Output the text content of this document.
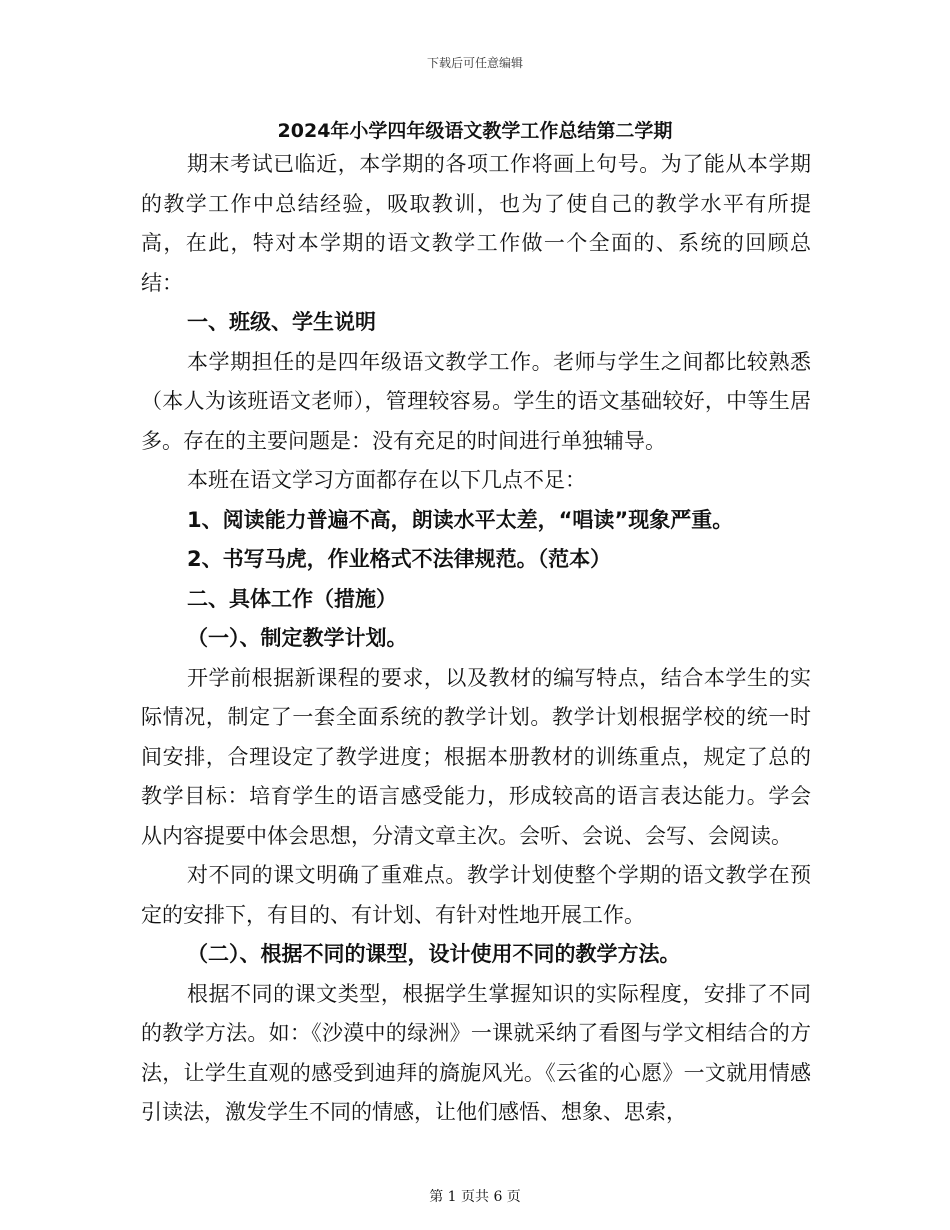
下载后可任意编辑
2024年小学四年级语文教学工作总结第二学期

期末考试已临近，本学期的各项工作将画上句号。为了能从本学期的教学工作中总结经验，吸取教训，也为了使自己的教学水平有所提高，在此，特对本学期的语文教学工作做一个全面的、系统的回顾总结：

一、班级、学生说明

本学期担任的是四年级语文教学工作。老师与学生之间都比较熟悉（本人为该班语文老师），管理较容易。学生的语文基础较好，中等生居多。存在的主要问题是：没有充足的时间进行单独辅导。

本班在语文学习方面都存在以下几点不足：

1、阅读能力普遍不高，朗读水平太差，“唱读”现象严重。

2、书写马虎，作业格式不法律规范。（范本）

二、具体工作（措施）

（一）、制定教学计划。

开学前根据新课程的要求，以及教材的编写特点，结合本学生的实际情况，制定了一套全面系统的教学计划。教学计划根据学校的统一时间安排，合理设定了教学进度；根据本册教材的训练重点，规定了总的教学目标：培育学生的语言感受能力，形成较高的语言表达能力。学会从内容提要中体会思想，分清文章主次。会听、会说、会写、会阅读。

对不同的课文明确了重难点。教学计划使整个学期的语文教学在预定的安排下，有目的、有计划、有针对性地开展工作。

（二）、根据不同的课型，设计使用不同的教学方法。

根据不同的课文类型，根据学生掌握知识的实际程度，安排了不同的教学方法。如：《沙漠中的绿洲》一课就采纳了看图与学文相结合的方法，让学生直观的感受到迪拜的旖旎风光。《云雀的心愿》一文就用情感引读法，激发学生不同的情感，让他们感悟、想象、思索，

第 1 页共 6 页
